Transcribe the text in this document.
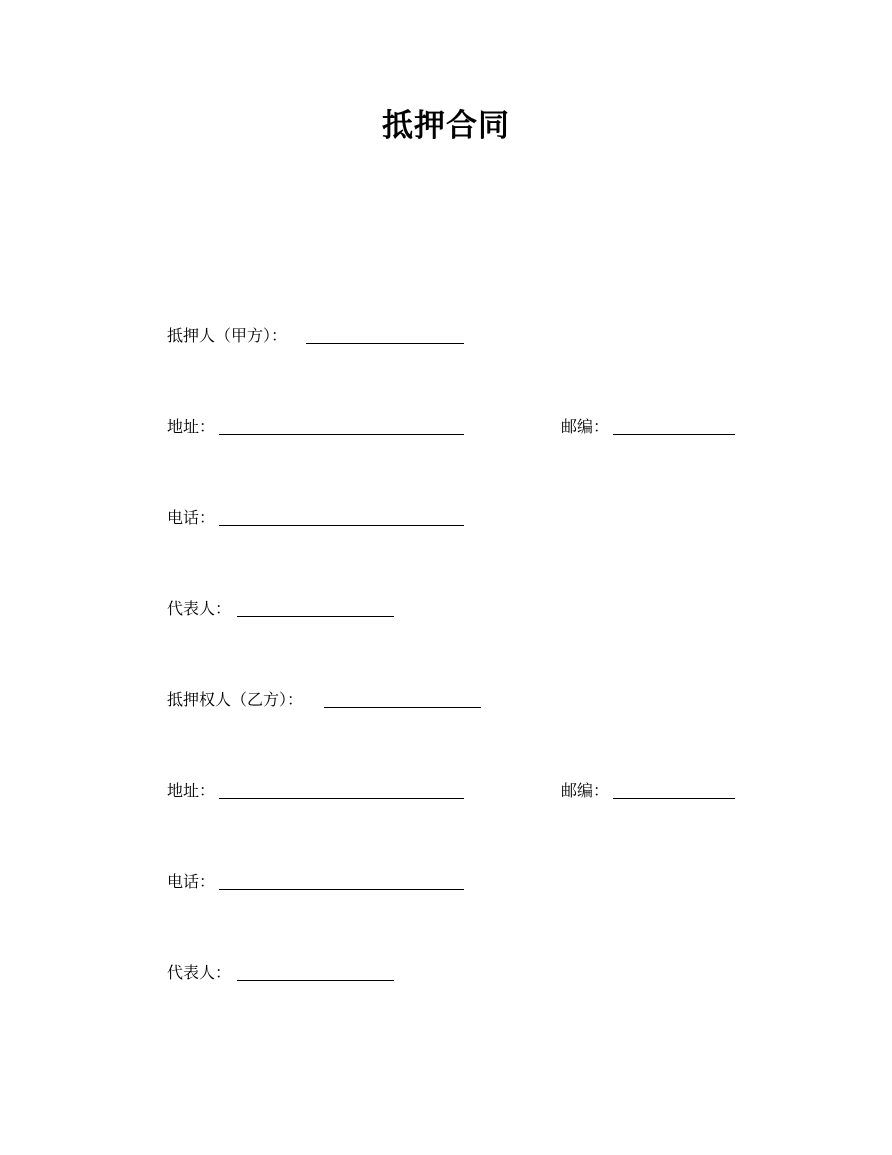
抵押合同
抵押人（甲方）：
地址：	邮编：
电话：
代表人：
抵押权人（乙方）：
地址：	邮编：
电话：
代表人：
